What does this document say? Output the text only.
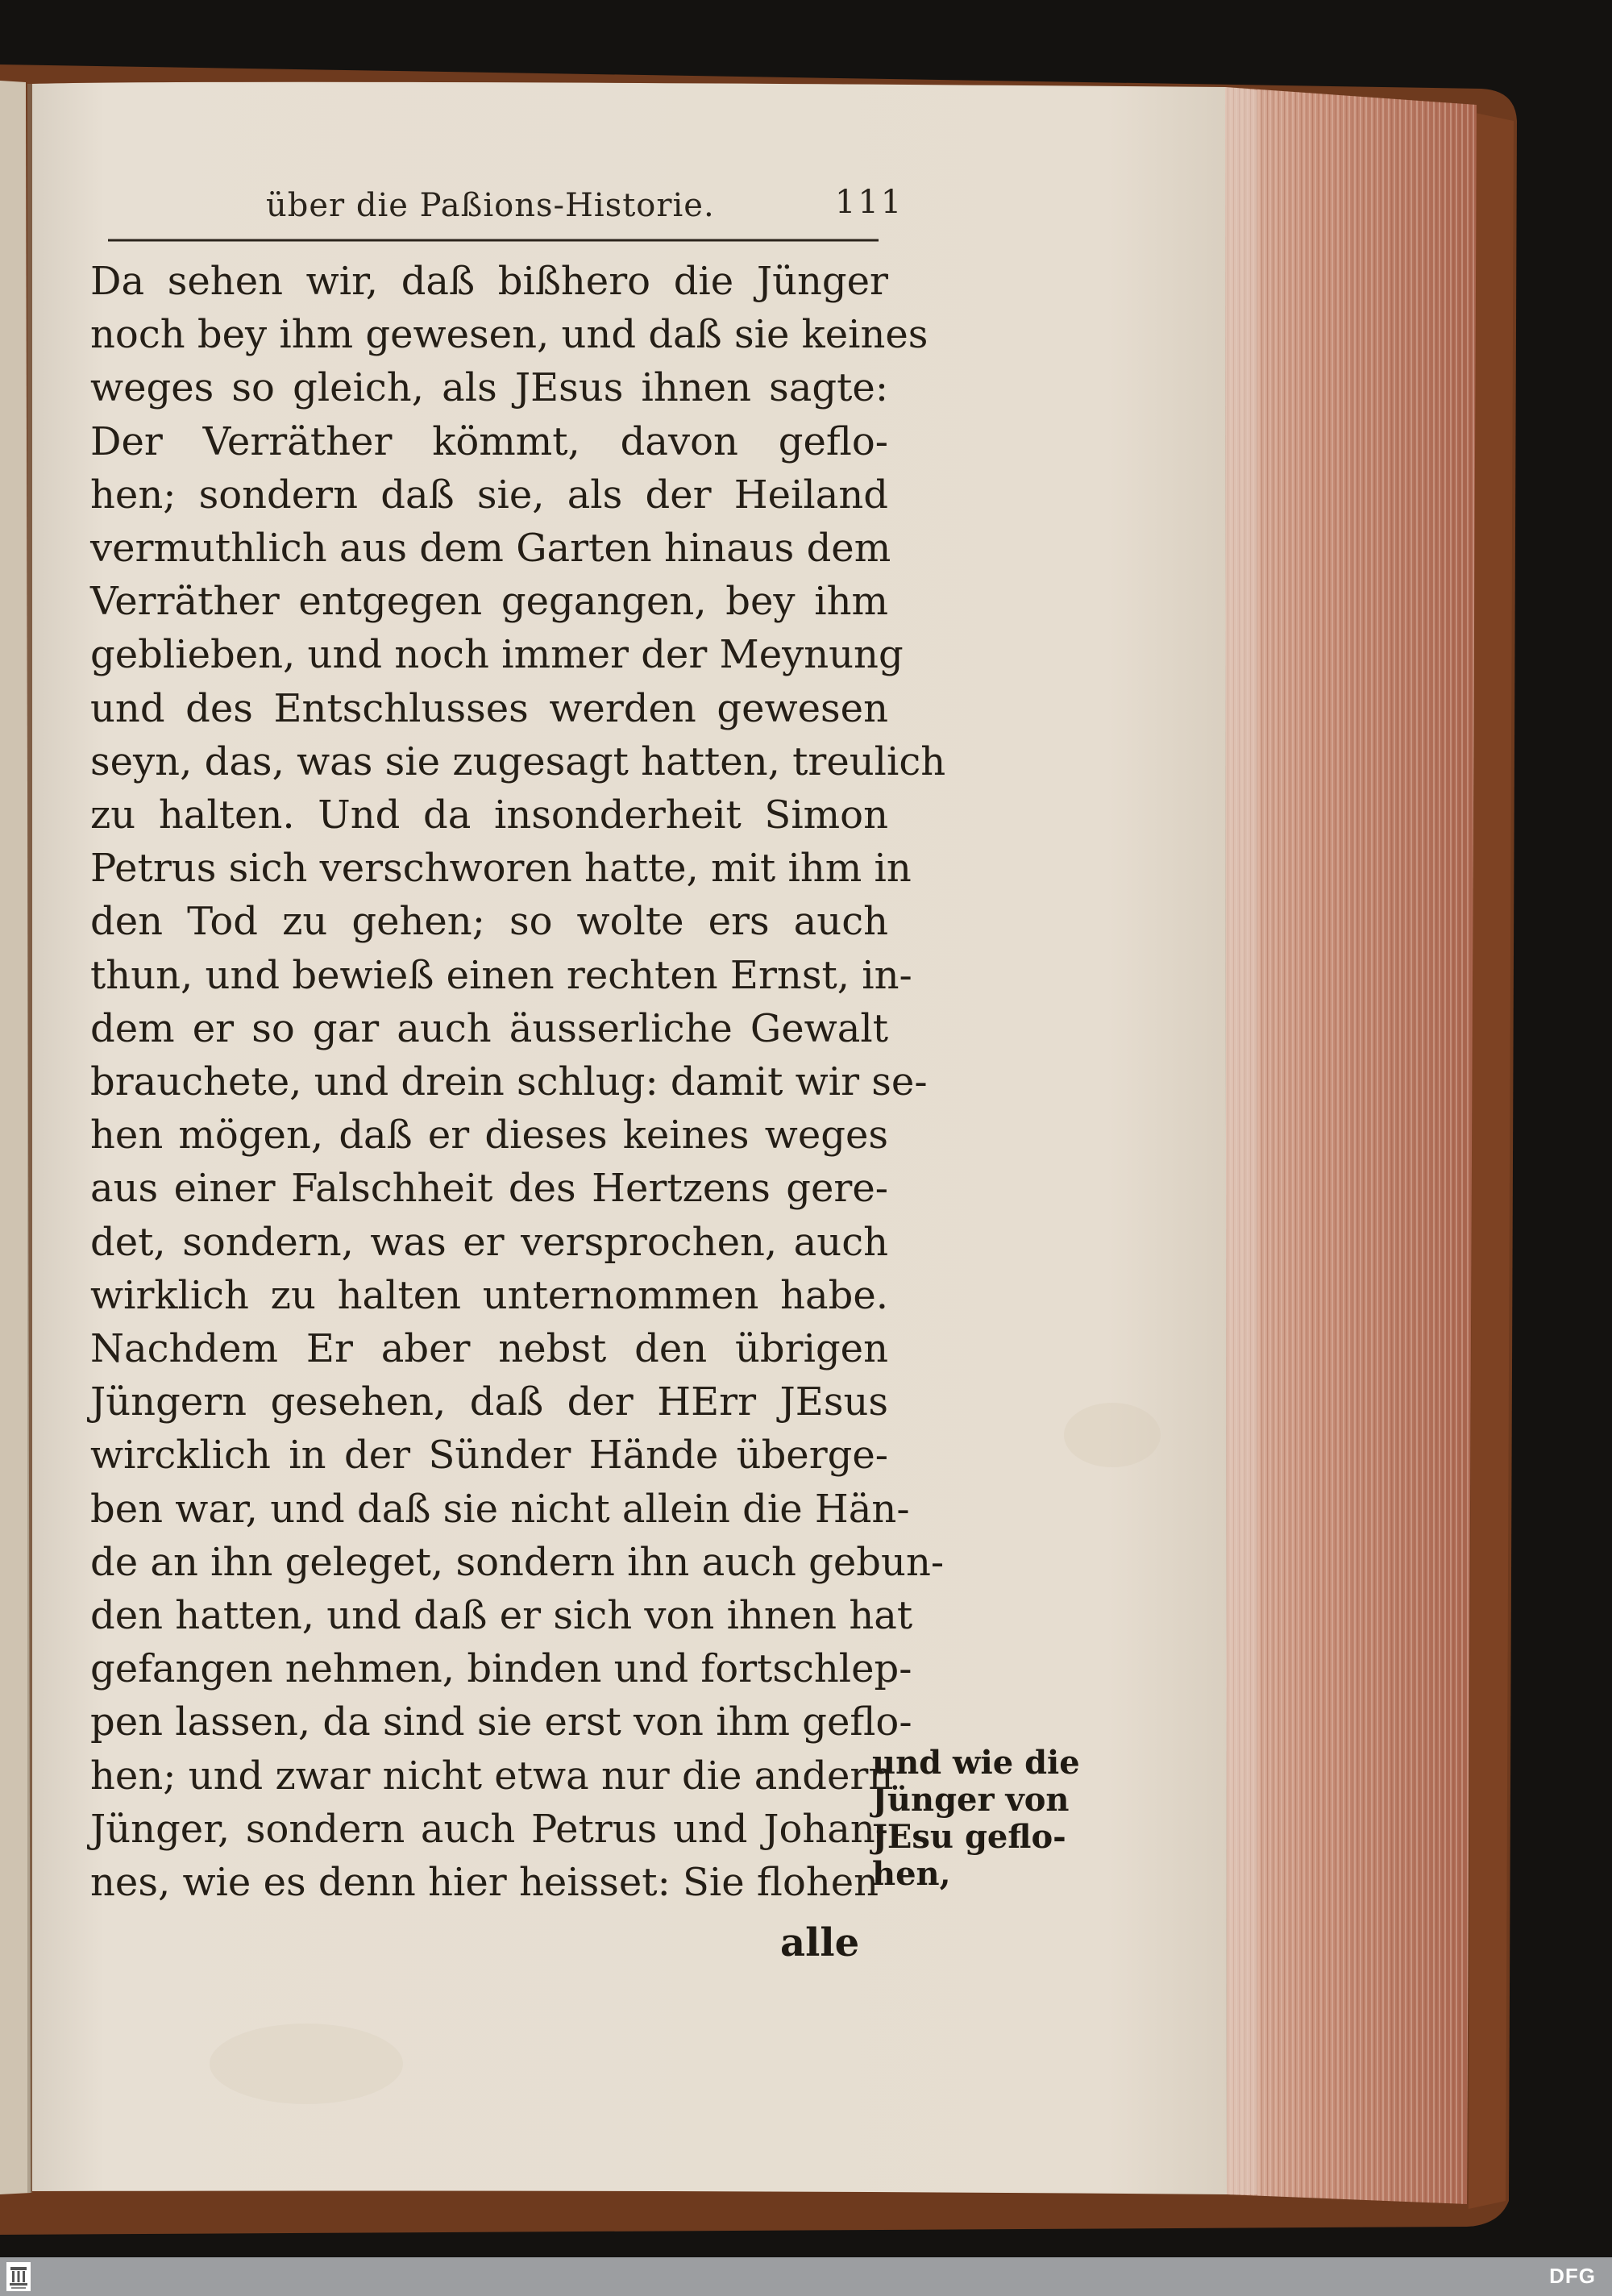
über die Paßions-Historie.	111
Da sehen wir, daß bißhero die Jünger
noch bey ihm gewesen, und daß sie keines
weges so gleich, als JEsus ihnen sagte:
Der Verräther kömmt, davon geflo-
hen; sondern daß sie, als der Heiland
vermuthlich aus dem Garten hinaus dem
Verräther entgegen gegangen, bey ihm
geblieben, und noch immer der Meynung
und des Entschlusses werden gewesen
seyn, das, was sie zugesagt hatten, treulich
zu halten. Und da insonderheit Simon
Petrus sich verschworen hatte, mit ihm in
den Tod zu gehen; so wolte ers auch
thun, und bewieß einen rechten Ernst, in-
dem er so gar auch äusserliche Gewalt
brauchete, und drein schlug: damit wir se-
hen mögen, daß er dieses keines weges
aus einer Falschheit des Hertzens gere-
det, sondern, was er versprochen, auch
wirklich zu halten unternommen habe.
Nachdem Er aber nebst den übrigen
Jüngern gesehen, daß der HErr JEsus
wircklich in der Sünder Hände überge-
ben war, und daß sie nicht allein die Hän-
de an ihn geleget, sondern ihn auch gebun-
den hatten, und daß er sich von ihnen hat
gefangen nehmen, binden und fortschlep-
pen lassen, da sind sie erst von ihm geflo-
hen; und zwar nicht etwa nur die andern
Jünger, sondern auch Petrus und Johan-
nes, wie es denn hier heisset: Sie flohen
alle
und wie die
Jünger von
JEsu geflo-
hen,
DFG
